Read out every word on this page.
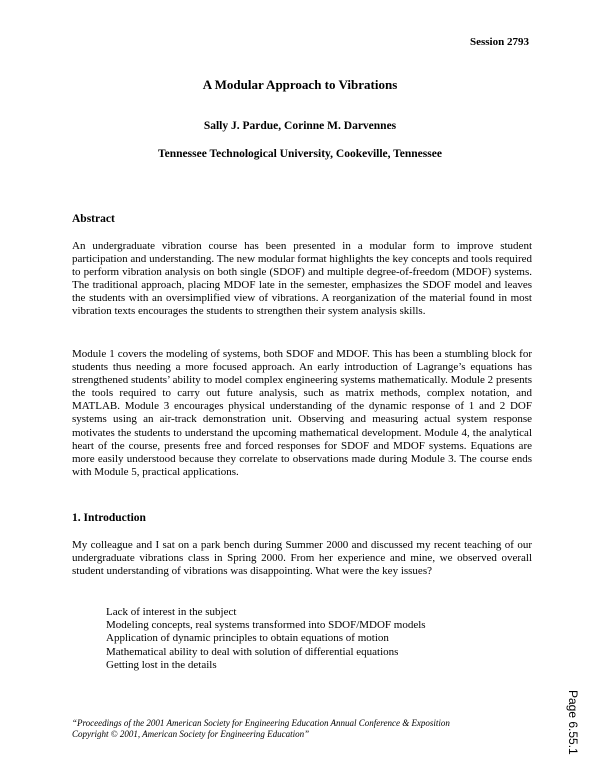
Session 2793
A Modular Approach to Vibrations
Sally J. Pardue, Corinne M. Darvennes
Tennessee Technological University, Cookeville, Tennessee
Abstract
An undergraduate vibration course has been presented in a modular form to improve student participation and understanding. The new modular format highlights the key concepts and tools required to perform vibration analysis on both single (SDOF) and multiple degree-of-freedom (MDOF) systems. The traditional approach, placing MDOF late in the semester, emphasizes the SDOF model and leaves the students with an oversimplified view of vibrations. A reorganization of the material found in most vibration texts encourages the students to strengthen their system analysis skills.
Module 1 covers the modeling of systems, both SDOF and MDOF. This has been a stumbling block for students thus needing a more focused approach. An early introduction of Lagrange’s equations has strengthened students’ ability to model complex engineering systems mathematically. Module 2 presents the tools required to carry out future analysis, such as matrix methods, complex notation, and MATLAB. Module 3 encourages physical understanding of the dynamic response of 1 and 2 DOF systems using an air-track demonstration unit. Observing and measuring actual system response motivates the students to understand the upcoming mathematical development. Module 4, the analytical heart of the course, presents free and forced responses for SDOF and MDOF systems. Equations are more easily understood because they correlate to observations made during Module 3. The course ends with Module 5, practical applications.
1. Introduction
My colleague and I sat on a park bench during Summer 2000 and discussed my recent teaching of our undergraduate vibrations class in Spring 2000. From her experience and mine, we observed overall student understanding of vibrations was disappointing. What were the key issues?
Lack of interest in the subject
Modeling concepts, real systems transformed into SDOF/MDOF models
Application of dynamic principles to obtain equations of motion
Mathematical ability to deal with solution of differential equations
Getting lost in the details
“Proceedings of the 2001 American Society for Engineering Education Annual Conference & Exposition
Copyright © 2001, American Society for Engineering Education”	Page 6.55.1
